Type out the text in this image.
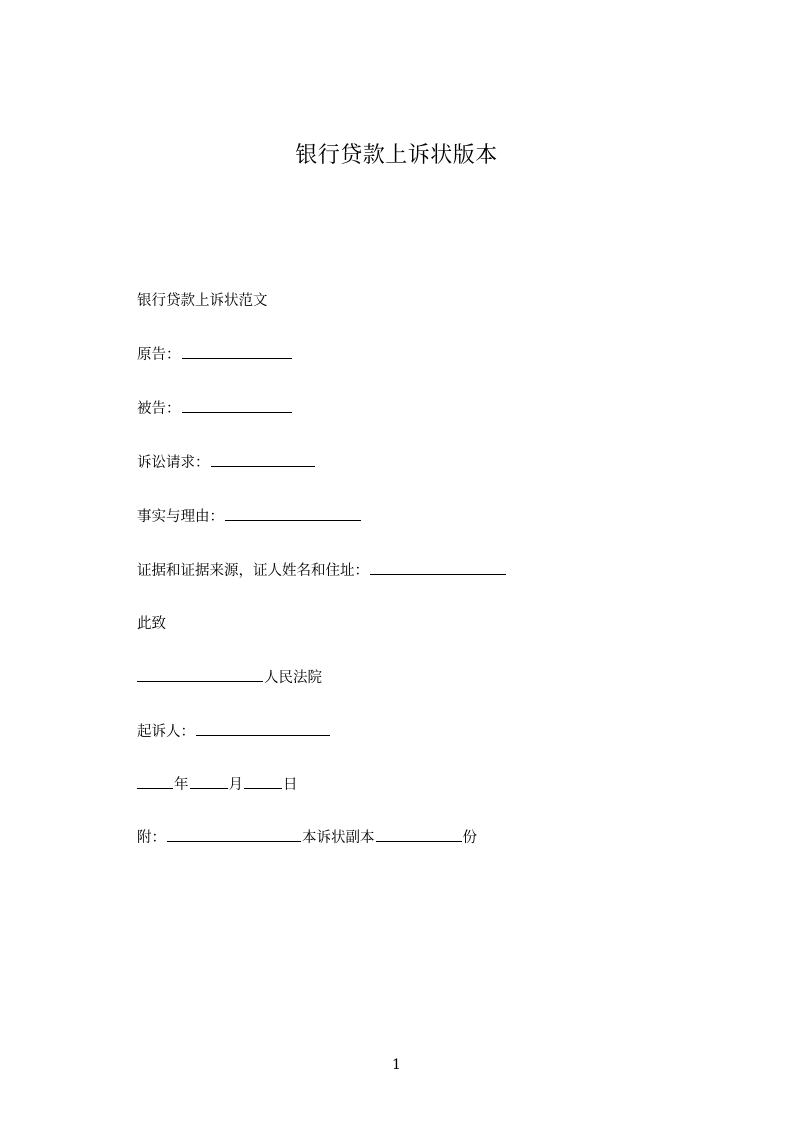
银行贷款上诉状版本
银行贷款上诉状范文
原告：
被告：
诉讼请求：
事实与理由：
证据和证据来源，证人姓名和住址：
此致
人民法院
起诉人：
年	月	日
附：	本诉状副本	份
1
